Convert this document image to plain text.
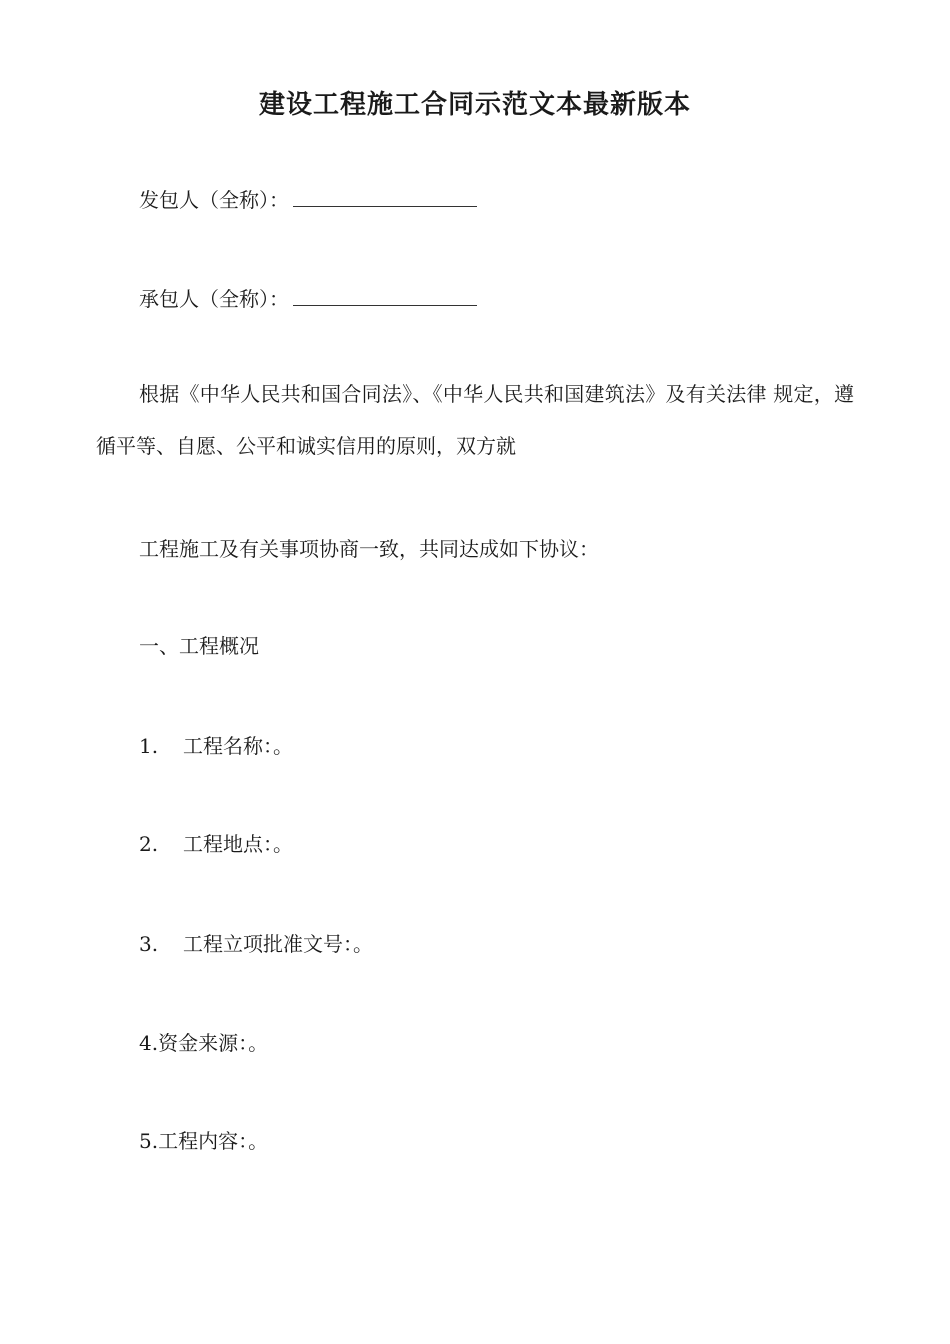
建设工程施工合同示范文本最新版本
发包人（全称）：
承包人（全称）：
根据《中华人民共和国合同法》、《中华人民共和国建筑法》及有关法律 规定，遵循平等、自愿、公平和诚实信用的原则，双方就
工程施工及有关事项协商一致，共同达成如下协议：
一、工程概况
1. 工程名称：。
2. 工程地点：。
3. 工程立项批准文号：。
4.资金来源：。
5.工程内容：。
